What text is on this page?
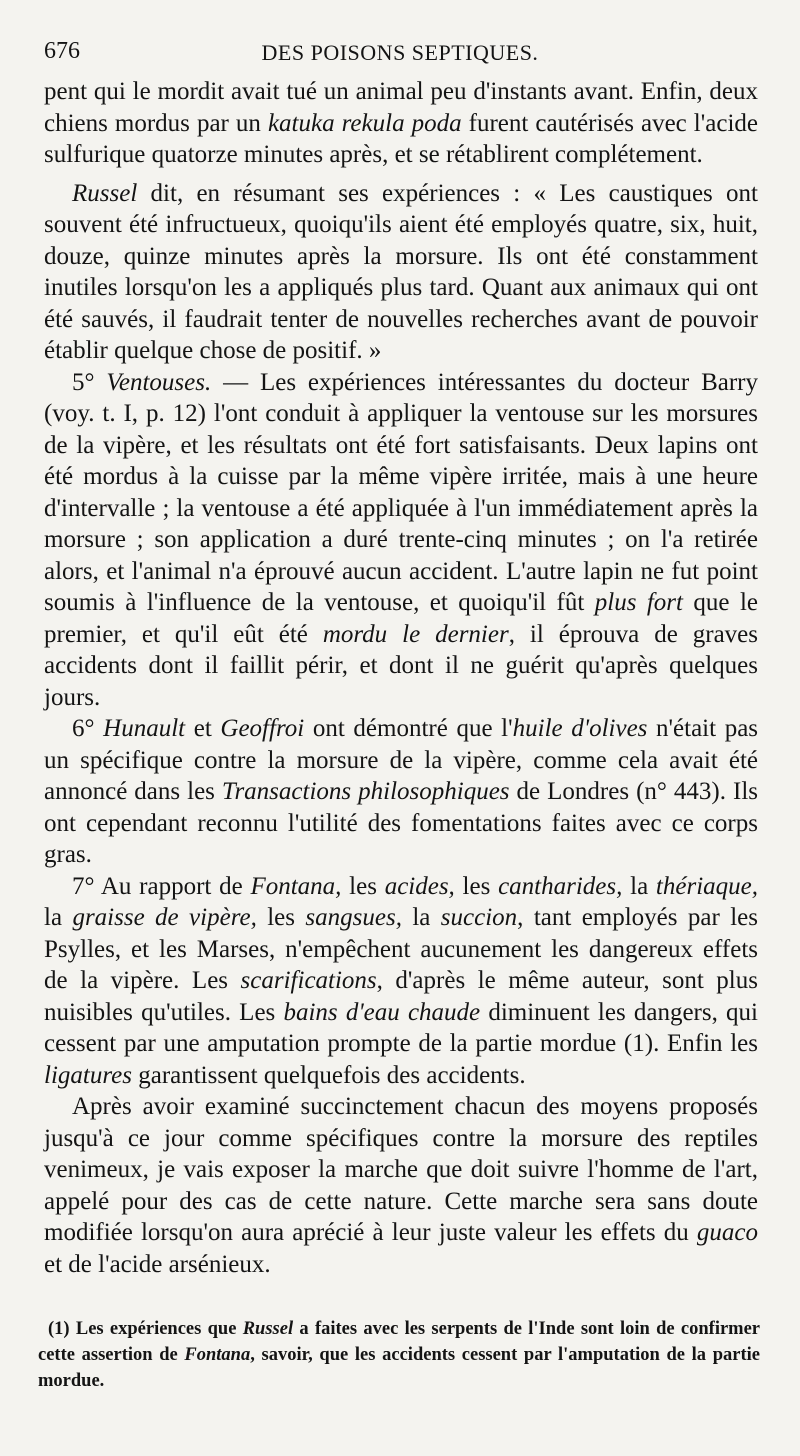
676	DES POISONS SEPTIQUES.

pent qui le mordit avait tué un animal peu d'instants avant. Enfin, deux chiens mordus par un katuka rekula poda furent cautérisés avec l'acide sulfurique quatorze minutes après, et se rétablirent complétement.

Russel dit, en résumant ses expériences : « Les caustiques ont souvent été infructueux, quoiqu'ils aient été employés quatre, six, huit, douze, quinze minutes après la morsure. Ils ont été constamment inutiles lorsqu'on les a appliqués plus tard. Quant aux animaux qui ont été sauvés, il faudrait tenter de nouvelles recherches avant de pouvoir établir quelque chose de positif. »

5° Ventouses. — Les expériences intéressantes du docteur Barry (voy. t. I, p. 12) l'ont conduit à appliquer la ventouse sur les morsures de la vipère, et les résultats ont été fort satisfaisants. Deux lapins ont été mordus à la cuisse par la même vipère irritée, mais à une heure d'intervalle ; la ventouse a été appliquée à l'un immédiatement après la morsure ; son application a duré trente-cinq minutes ; on l'a retirée alors, et l'animal n'a éprouvé aucun accident. L'autre lapin ne fut point soumis à l'influence de la ventouse, et quoiqu'il fût plus fort que le premier, et qu'il eût été mordu le dernier, il éprouva de graves accidents dont il faillit périr, et dont il ne guérit qu'après quelques jours.

6° Hunault et Geoffroi ont démontré que l'huile d'olives n'était pas un spécifique contre la morsure de la vipère, comme cela avait été annoncé dans les Transactions philosophiques de Londres (n° 443). Ils ont cependant reconnu l'utilité des fomentations faites avec ce corps gras.

7° Au rapport de Fontana, les acides, les cantharides, la thériaque, la graisse de vipère, les sangsues, la succion, tant employés par les Psylles, et les Marses, n'empêchent aucunement les dangereux effets de la vipère. Les scarifications, d'après le même auteur, sont plus nuisibles qu'utiles. Les bains d'eau chaude diminuent les dangers, qui cessent par une amputation prompte de la partie mordue (1). Enfin les ligatures garantissent quelquefois des accidents.

Après avoir examiné succinctement chacun des moyens proposés jusqu'à ce jour comme spécifiques contre la morsure des reptiles venimeux, je vais exposer la marche que doit suivre l'homme de l'art, appelé pour des cas de cette nature. Cette marche sera sans doute modifiée lorsqu'on aura aprécié à leur juste valeur les effets du guaco et de l'acide arsénieux.

(1) Les expériences que Russel a faites avec les serpents de l'Inde sont loin de confirmer cette assertion de Fontana, savoir, que les accidents cessent par l'amputation de la partie mordue.
